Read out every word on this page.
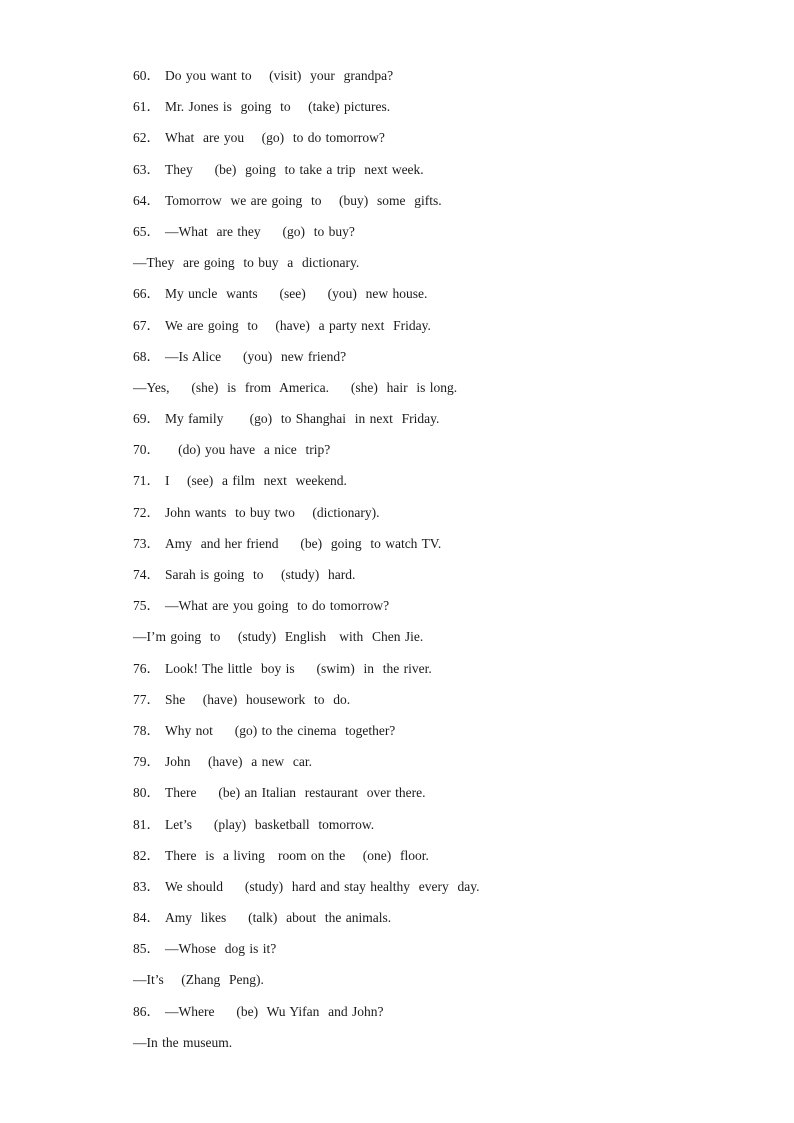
60． Do you want to    (visit)  your  grandpa?
61． Mr. Jones is  going  to    (take) pictures.
62． What  are you    (go)  to do tomorrow?
63． They     (be)  going  to take a trip  next week.
64． Tomorrow  we are going  to    (buy)  some  gifts.
65． —What  are they     (go)  to buy?
—They  are going  to buy  a  dictionary.
66． My uncle  wants     (see)     (you)  new house.
67． We are going  to    (have)  a party next  Friday.
68． —Is Alice     (you)  new friend?
—Yes,     (she)  is  from  America.     (she)  hair  is long.
69． My family      (go)  to Shanghai  in next  Friday.
70．   (do) you have  a nice  trip?
71． I    (see)  a film  next  weekend.
72． John wants  to buy two    (dictionary).
73． Amy  and her friend     (be)  going  to watch TV.
74． Sarah is going  to    (study)  hard.
75． —What are you going  to do tomorrow?
—I’m going  to    (study)  English   with  Chen Jie.
76． Look! The little  boy is     (swim)  in  the river.
77． She    (have)  housework  to  do.
78． Why not     (go) to the cinema  together?
79． John    (have)  a new  car.
80． There     (be) an Italian  restaurant  over there.
81． Let’s     (play)  basketball  tomorrow.
82． There  is  a living   room on the    (one)  floor.
83． We should     (study)  hard and stay healthy  every  day.
84． Amy  likes     (talk)  about  the animals.
85． —Whose  dog is it?
—It’s    (Zhang  Peng).
86． —Where     (be)  Wu Yifan  and John?
—In the museum.
